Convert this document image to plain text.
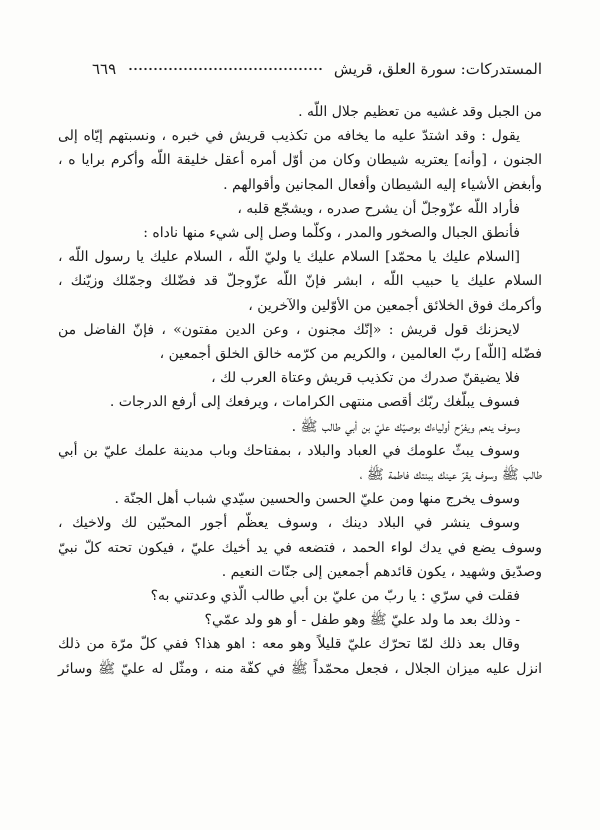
المستدركات: سورة العلق، قريش
٦٦٩
من الجبل وقد غشيه من تعظيم جلال اللّه .
يقول : وقد اشتدّ عليه ما يخافه من تكذيب قريش في خبره ، ونسبتهم إيّاه إلى
الجنون ، [وأنه] يعتريه شيطان وكان من أوّل أمره أعقل خليقة اللّه وأكرم برايا ه ،
وأبغض الأشياء إليه الشيطان وأفعال المجانين وأقوالهم .
فأراد اللّه عزّوجلّ أن يشرح صدره ، ويشجّع قلبه ،
فأنطق الجبال والصخور والمدر ، وكلّما وصل إلى شيء منها ناداه :
[السلام عليك يا محمّد] السلام عليك يا وليّ اللّه ، السلام عليك يا رسول اللّه ،
السلام عليك يا حبيب اللّه ، ابشر فإنّ اللّه عزّوجلّ قد فضّلك وجمّلك وزيّنك ،
وأكرمك فوق الخلائق أجمعين من الأوّلين والآخرين ،
لايحزنك قول قريش : «إنّك مجنون ، وعن الدين مفتون» ، فإنّ الفاضل من
فضّله [اللّه] ربّ العالمين ، والكريم من كرّمه خالق الخلق أجمعين ،
فلا يضيقنّ صدرك من تكذيب قريش وعتاة العرب لك ،
فسوف يبلّغك ربّك أقصى منتهى الكرامات ، ويرفعك إلى أرفع الدرجات .
وسوف ينعم ويفرّح أولياءك بوصيّك عليّ بن أبي طالب ﷺ .
وسوف يبثّ علومك في العباد والبلاد ، بمفتاحك وباب مدينة علمك عليّ بن أبي
طالب ﷺ وسوف يقرّ عينك ببنتك فاطمة ﷺ ،
وسوف يخرج منها ومن عليّ الحسن والحسين سيّدي شباب أهل الجنّة .
وسوف ينشر في البلاد دينك ، وسوف يعظّم أجور المحبّين لك ولاخيك ،
وسوف يضع في يدك لواء الحمد ، فتضعه في يد أخيك عليّ ، فيكون تحته كلّ نبيّ
وصدّيق وشهيد ، يكون قائدهم أجمعين إلى جنّات النعيم .
فقلت في سرّي : يا ربّ من عليّ بن أبي طالب الّذي وعدتني به؟
- وذلك بعد ما ولد عليّ ﷺ وهو طفل - أو هو ولد عمّي؟
وقال بعد ذلك لمّا تحرّك عليّ قليلاً وهو معه : اهو هذا؟ ففي كلّ مرّة من ذلك
انزل عليه ميزان الجلال ، فجعل محمّداً ﷺ في كفّة منه ، ومثّل له عليّ ﷺ وسائر
